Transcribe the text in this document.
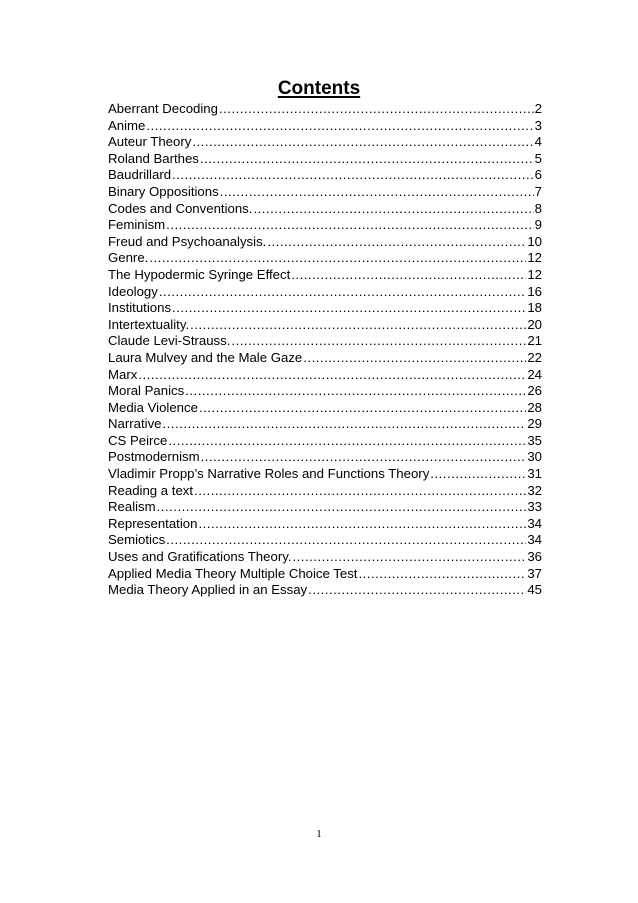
Contents
Aberrant Decoding .....	2
Anime .....	3
Auteur Theory .....	4
Roland Barthes .....	5
Baudrillard .....	6
Binary Oppositions .....	7
Codes and Conventions. .....	8
Feminism .....	9
Freud and Psychoanalysis. .....	10
Genre. .....	12
The Hypodermic Syringe Effect .....	12
Ideology .....	16
Institutions .....	18
Intertextuality. .....	20
Claude Levi-Strauss. .....	21
Laura Mulvey and the Male Gaze .....	22
Marx .....	24
Moral Panics .....	26
Media Violence .....	28
Narrative .....	29
CS Peirce .....	35
Postmodernism .....	30
Vladimir Propp’s Narrative Roles and Functions Theory .....	31
Reading a text .....	32
Realism .....	33
Representation .....	34
Semiotics .....	34
Uses and Gratifications Theory. .....	36
Applied Media Theory Multiple Choice Test .....	37
Media Theory Applied in an Essay .....	45
1
